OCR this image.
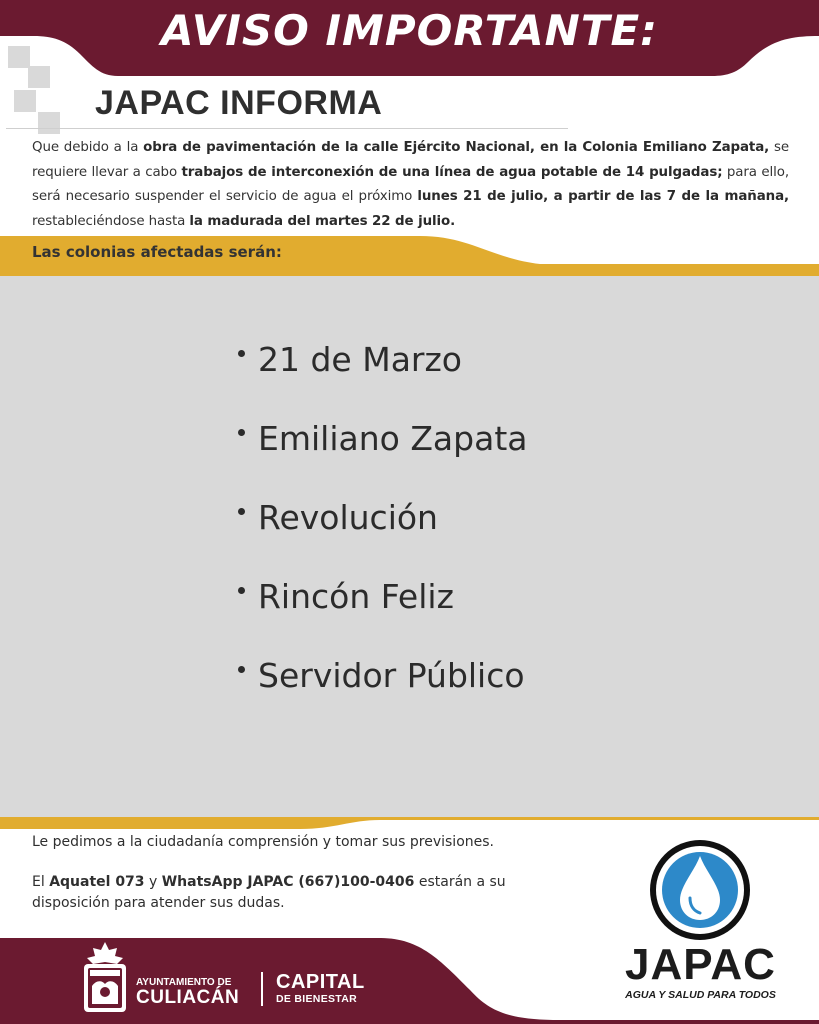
AVISO IMPORTANTE:
JAPAC INFORMA
Que debido a la obra de pavimentación de la calle Ejército Nacional, en la Colonia Emiliano Zapata, se requiere llevar a cabo trabajos de interconexión de una línea de agua potable de 14 pulgadas; para ello, será necesario suspender el servicio de agua el próximo lunes 21 de julio, a partir de las 7 de la mañana, restableciéndose hasta la madurada del martes 22 de julio.
Las colonias afectadas serán:
21 de Marzo
Emiliano Zapata
Revolución
Rincón Feliz
Servidor Público
Le pedimos a la ciudadanía comprensión y tomar sus previsiones.
El Aquatel 073 y WhatsApp JAPAC (667)100-0406 estarán a su disposición para atender sus dudas.
AYUNTAMIENTO DE
CULIACÁN
CAPITAL
DE BIENESTAR
JAPAC
AGUA Y SALUD PARA TODOS
